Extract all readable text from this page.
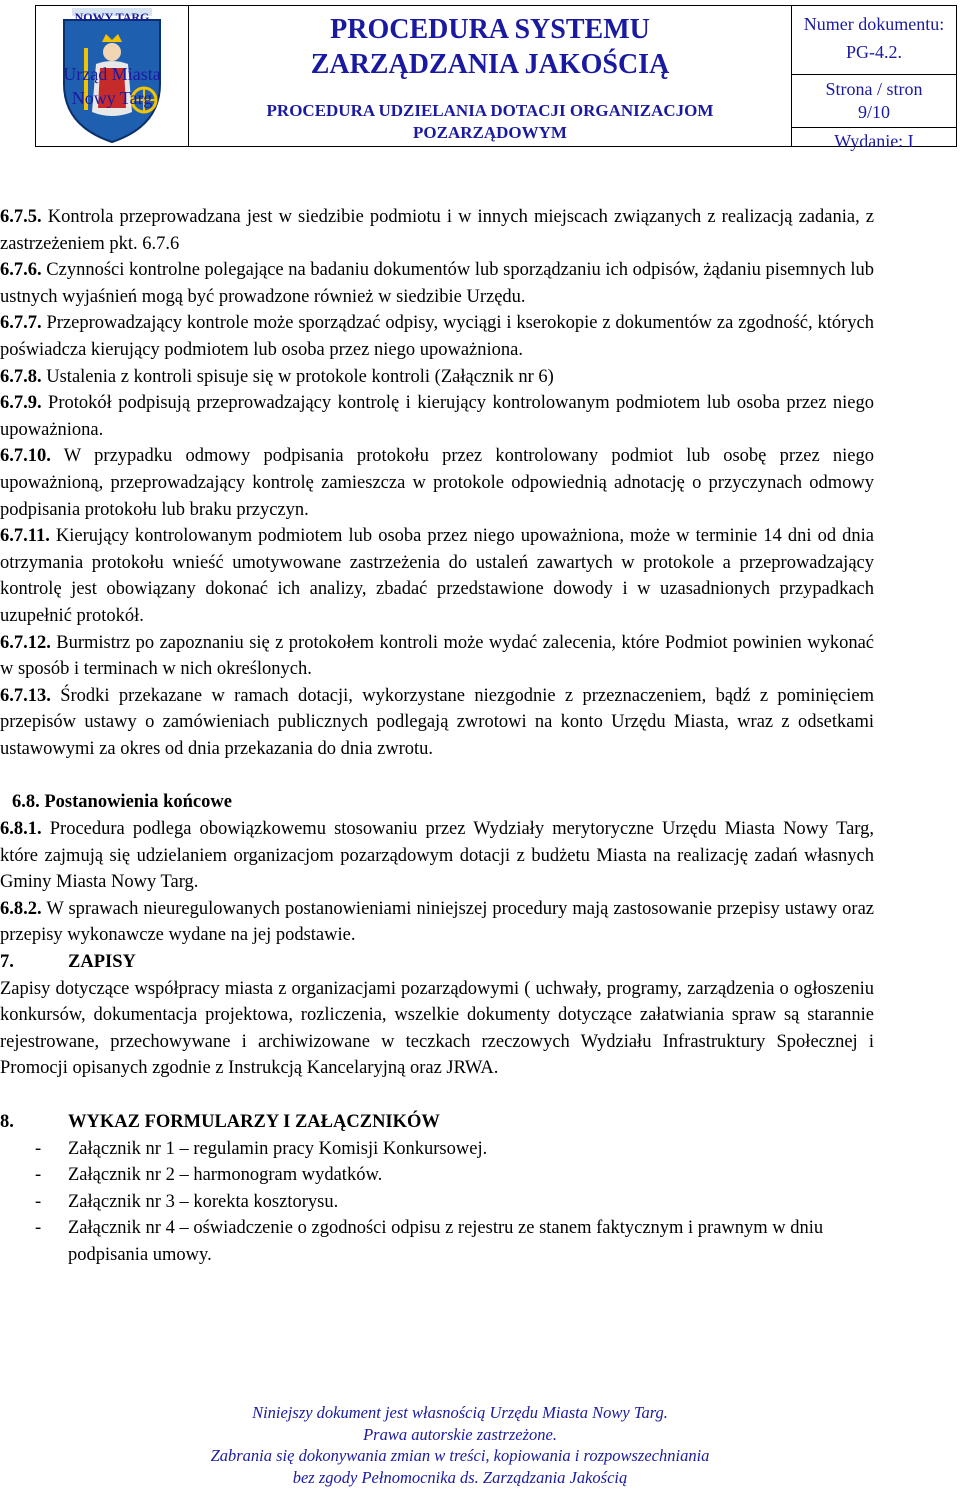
NOWY TARG
Urząd Miasta
Nowy Targ
PROCEDURA SYSTEMU
ZARZĄDZANIA JAKOŚCIĄ
PROCEDURA UDZIELANIA DOTACJI ORGANIZACJOM
POZARZĄDOWYM
Numer dokumentu:
PG-4.2.
Strona / stron
9/10
Wydanie: I

6.7.5. Kontrola przeprowadzana jest w siedzibie podmiotu i w innych miejscach związanych z realizacją zadania, z zastrzeżeniem pkt. 6.7.6

6.7.6. Czynności kontrolne polegające na badaniu dokumentów lub sporządzaniu ich odpisów, żądaniu pisemnych lub ustnych wyjaśnień mogą być prowadzone również w siedzibie Urzędu.

6.7.7. Przeprowadzający kontrole może sporządzać odpisy, wyciągi i kserokopie z dokumentów za zgodność, których poświadcza kierujący podmiotem lub osoba przez niego upoważniona.

6.7.8. Ustalenia z kontroli spisuje się w protokole kontroli (Załącznik nr 6)

6.7.9. Protokół podpisują przeprowadzający kontrolę i kierujący kontrolowanym podmiotem lub osoba przez niego upoważniona.

6.7.10. W przypadku odmowy podpisania protokołu przez kontrolowany podmiot lub osobę przez niego upoważnioną, przeprowadzający kontrolę zamieszcza w protokole odpowiednią adnotację o przyczynach odmowy podpisania protokołu lub braku przyczyn.

6.7.11. Kierujący kontrolowanym podmiotem lub osoba przez niego upoważniona, może w terminie 14 dni od dnia otrzymania protokołu wnieść umotywowane zastrzeżenia do ustaleń zawartych w protokole a przeprowadzający kontrolę jest obowiązany dokonać ich analizy, zbadać przedstawione dowody i w uzasadnionych przypadkach uzupełnić protokół.

6.7.12. Burmistrz po zapoznaniu się z protokołem kontroli może wydać zalecenia, które Podmiot powinien wykonać w sposób i terminach w nich określonych.

6.7.13. Środki przekazane w ramach dotacji, wykorzystane niezgodnie z przeznaczeniem, bądź z pominięciem przepisów ustawy o zamówieniach publicznych podlegają zwrotowi na konto Urzędu Miasta, wraz z odsetkami ustawowymi za okres od dnia przekazania do dnia zwrotu.

6.8. Postanowienia końcowe

6.8.1. Procedura podlega obowiązkowemu stosowaniu przez Wydziały merytoryczne Urzędu Miasta Nowy Targ, które zajmują się udzielaniem organizacjom pozarządowym dotacji z budżetu Miasta na realizację zadań własnych Gminy Miasta Nowy Targ.

6.8.2. W sprawach nieuregulowanych postanowieniami niniejszej procedury mają zastosowanie przepisy ustawy oraz przepisy wykonawcze wydane na jej podstawie.

7.	ZAPISY

Zapisy dotyczące współpracy miasta z organizacjami pozarządowymi ( uchwały, programy, zarządzenia o ogłoszeniu konkursów, dokumentacja projektowa, rozliczenia, wszelkie dokumenty dotyczące załatwiania spraw są starannie rejestrowane, przechowywane i archiwizowane w teczkach rzeczowych Wydziału Infrastruktury Społecznej i Promocji opisanych zgodnie z Instrukcją Kancelaryjną oraz JRWA.

8.	WYKAZ FORMULARZY I ZAŁĄCZNIKÓW
-	Załącznik nr 1 – regulamin pracy Komisji Konkursowej.
-	Załącznik nr 2 – harmonogram wydatków.
-	Załącznik nr 3 – korekta kosztorysu.
-	Załącznik nr 4 – oświadczenie o zgodności odpisu z rejestru ze stanem faktycznym i prawnym w dniu podpisania umowy.
Niniejszy dokument jest własnością Urzędu Miasta Nowy Targ.
Prawa autorskie zastrzeżone.
Zabrania się dokonywania zmian w treści, kopiowania i rozpowszechniania
bez zgody Pełnomocnika ds. Zarządzania Jakością
